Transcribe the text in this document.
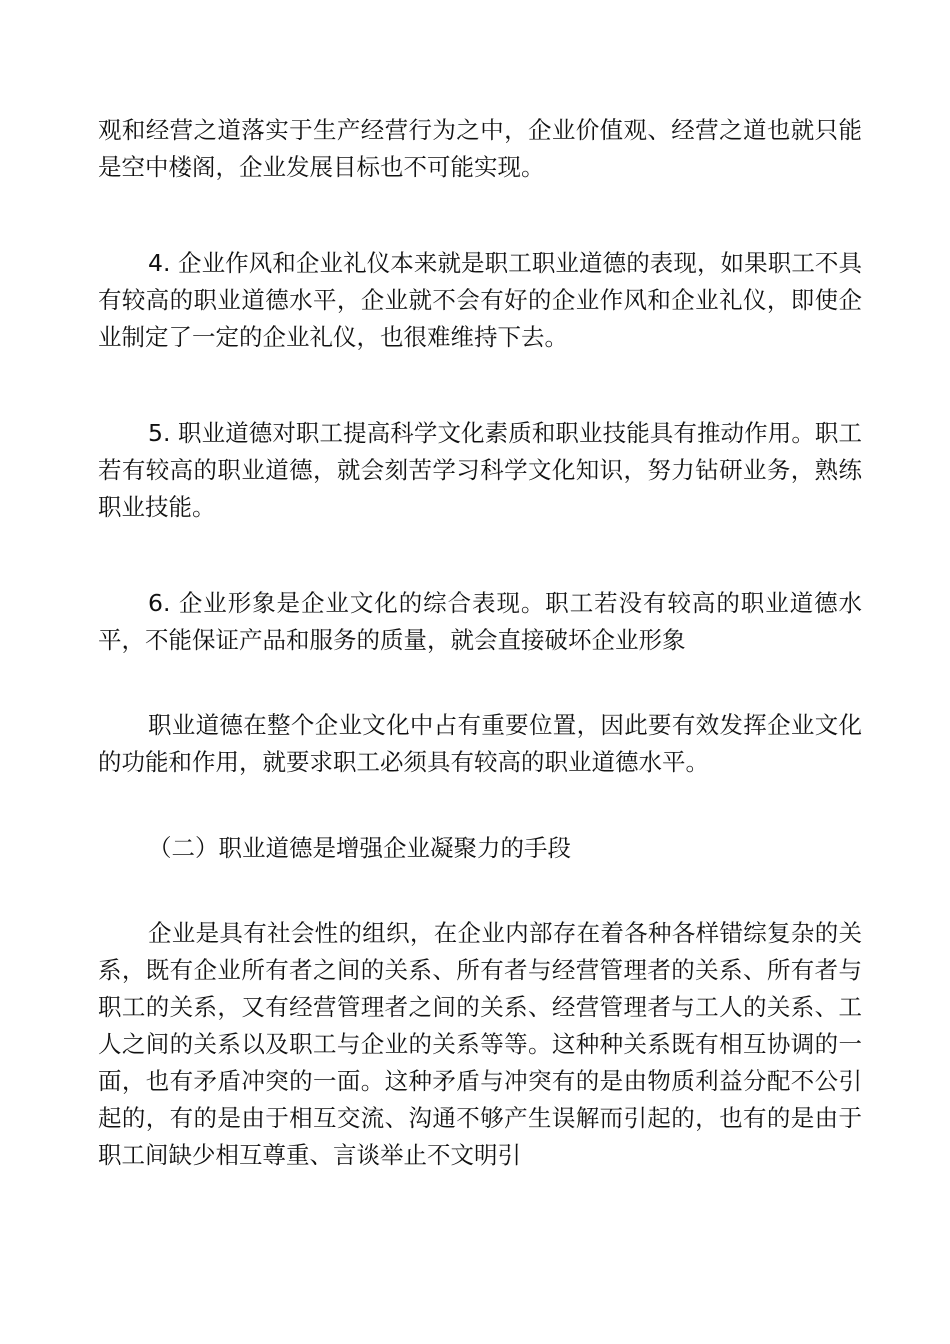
观和经营之道落实于生产经营行为之中，企业价值观、经营之道也就只能是空中楼阁，企业发展目标也不可能实现。

4. 企业作风和企业礼仪本来就是职工职业道德的表现，如果职工不具有较高的职业道德水平，企业就不会有好的企业作风和企业礼仪，即使企业制定了一定的企业礼仪，也很难维持下去。

5. 职业道德对职工提高科学文化素质和职业技能具有推动作用。职工若有较高的职业道德，就会刻苦学习科学文化知识，努力钻研业务，熟练职业技能。

6. 企业形象是企业文化的综合表现。职工若没有较高的职业道德水平，不能保证产品和服务的质量，就会直接破坏企业形象

职业道德在整个企业文化中占有重要位置，因此要有效发挥企业文化的功能和作用，就要求职工必须具有较高的职业道德水平。

（二）职业道德是增强企业凝聚力的手段

企业是具有社会性的组织，在企业内部存在着各种各样错综复杂的关系，既有企业所有者之间的关系、所有者与经营管理者的关系、所有者与职工的关系，又有经营管理者之间的关系、经营管理者与工人的关系、工人之间的关系以及职工与企业的关系等等。这种种关系既有相互协调的一面，也有矛盾冲突的一面。这种矛盾与冲突有的是由物质利益分配不公引起的，有的是由于相互交流、沟通不够产生误解而引起的，也有的是由于职工间缺少相互尊重、言谈举止不文明引
